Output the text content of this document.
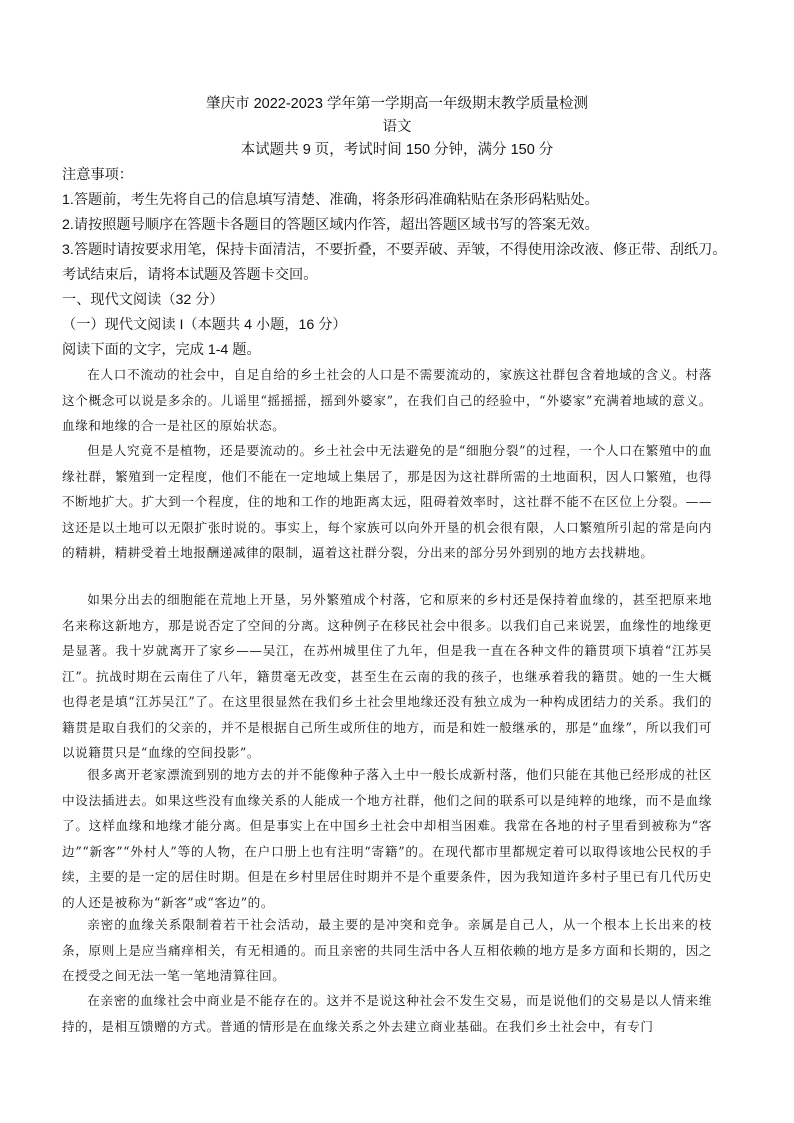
肇庆市 2022-2023 学年第一学期高一年级期末教学质量检测
语文
本试题共 9 页，考试时间 150 分钟，满分 150 分
注意事项：
1.答题前，考生先将自己的信息填写清楚、准确，将条形码准确粘贴在条形码粘贴处。
2.请按照题号顺序在答题卡各题目的答题区域内作答，超出答题区域书写的答案无效。
3.答题时请按要求用笔，保持卡面清洁，不要折叠，不要弄破、弄皱，不得使用涂改液、修正带、刮纸刀。
考试结束后，请将本试题及答题卡交回。
一、现代文阅读（32 分）
（一）现代文阅读 I（本题共 4 小题，16 分）
阅读下面的文字，完成 1-4 题。

在人口不流动的社会中，自足自给的乡土社会的人口是不需要流动的，家族这社群包含着地域的含义。村落这个概念可以说是多余的。儿谣里“摇摇摇，摇到外婆家”，在我们自己的经验中，“外婆家”充满着地域的意义。血缘和地缘的合一是社区的原始状态。

但是人究竟不是植物，还是要流动的。乡土社会中无法避免的是“细胞分裂”的过程，一个人口在繁殖中的血缘社群，繁殖到一定程度，他们不能在一定地域上集居了，那是因为这社群所需的土地面积，因人口繁殖，也得不断地扩大。扩大到一个程度，住的地和工作的地距离太远，阻碍着效率时，这社群不能不在区位上分裂。——这还是以土地可以无限扩张时说的。事实上，每个家族可以向外开垦的机会很有限，人口繁殖所引起的常是向内的精耕，精耕受着土地报酬递减律的限制，逼着这社群分裂，分出来的部分另外到别的地方去找耕地。

如果分出去的细胞能在荒地上开垦，另外繁殖成个村落，它和原来的乡村还是保持着血缘的，甚至把原来地名来称这新地方，那是说否定了空间的分离。这种例子在移民社会中很多。以我们自己来说罢，血缘性的地缘更是显著。我十岁就离开了家乡——吴江，在苏州城里住了九年，但是我一直在各种文件的籍贯项下填着“江苏吴江”。抗战时期在云南住了八年，籍贯毫无改变，甚至生在云南的我的孩子，也继承着我的籍贯。她的一生大概也得老是填“江苏吴江”了。在这里很显然在我们乡土社会里地缘还没有独立成为一种构成团结力的关系。我们的籍贯是取自我们的父亲的，并不是根据自己所生或所住的地方，而是和姓一般继承的，那是“血缘”，所以我们可以说籍贯只是“血缘的空间投影”。

很多离开老家漂流到别的地方去的并不能像种子落入土中一般长成新村落，他们只能在其他已经形成的社区中设法插进去。如果这些没有血缘关系的人能成一个地方社群，他们之间的联系可以是纯粹的地缘，而不是血缘了。这样血缘和地缘才能分离。但是事实上在中国乡土社会中却相当困难。我常在各地的村子里看到被称为“客边”“新客”“外村人”等的人物，在户口册上也有注明“寄籍”的。在现代都市里都规定着可以取得该地公民权的手续，主要的是一定的居住时期。但是在乡村里居住时期并不是个重要条件，因为我知道许多村子里已有几代历史的人还是被称为“新客”或“客边”的。

亲密的血缘关系限制着若干社会活动，最主要的是冲突和竞争。亲属是自己人，从一个根本上长出来的枝条，原则上是应当痛痒相关，有无相通的。而且亲密的共同生活中各人互相依赖的地方是多方面和长期的，因之在授受之间无法一笔一笔地清算往回。

在亲密的血缘社会中商业是不能存在的。这并不是说这种社会不发生交易，而是说他们的交易是以人情来维持的，是相互馈赠的方式。普通的情形是在血缘关系之外去建立商业基础。在我们乡土社会中，有专门
